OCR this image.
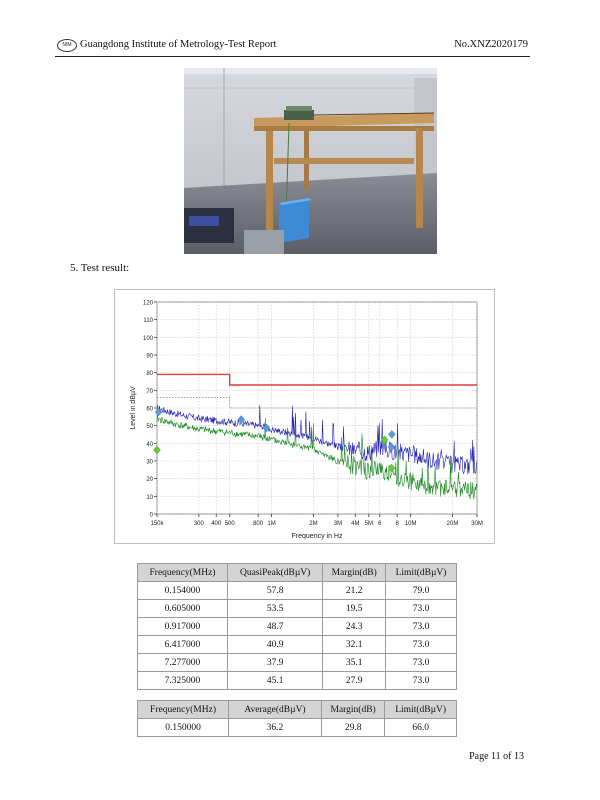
NIM Guangdong Institute of Metrology-Test Report	No.XNZ2020179
5. Test result:
0
10
20
30
40
50
60
70
80
90
100
110
120
150k	300 400 500	800 1M	2M	3M 4M 5M 6 8 10M	20M 30M
Frequency in Hz
Level in dBµV
Frequency(MHz)	QuasiPeak(dBµV)	Margin(dB)	Limit(dBµV)
0.154000	57.8	21.2	79.0
0.605000	53.5	19.5	73.0
0.917000	48.7	24.3	73.0
6.417000	40.9	32.1	73.0
7.277000	37.9	35.1	73.0
7.325000	45.1	27.9	73.0
Frequency(MHz)	Average(dBµV)	Margin(dB)	Limit(dBµV)
0.150000	36.2	29.8	66.0
Page 11 of 13
